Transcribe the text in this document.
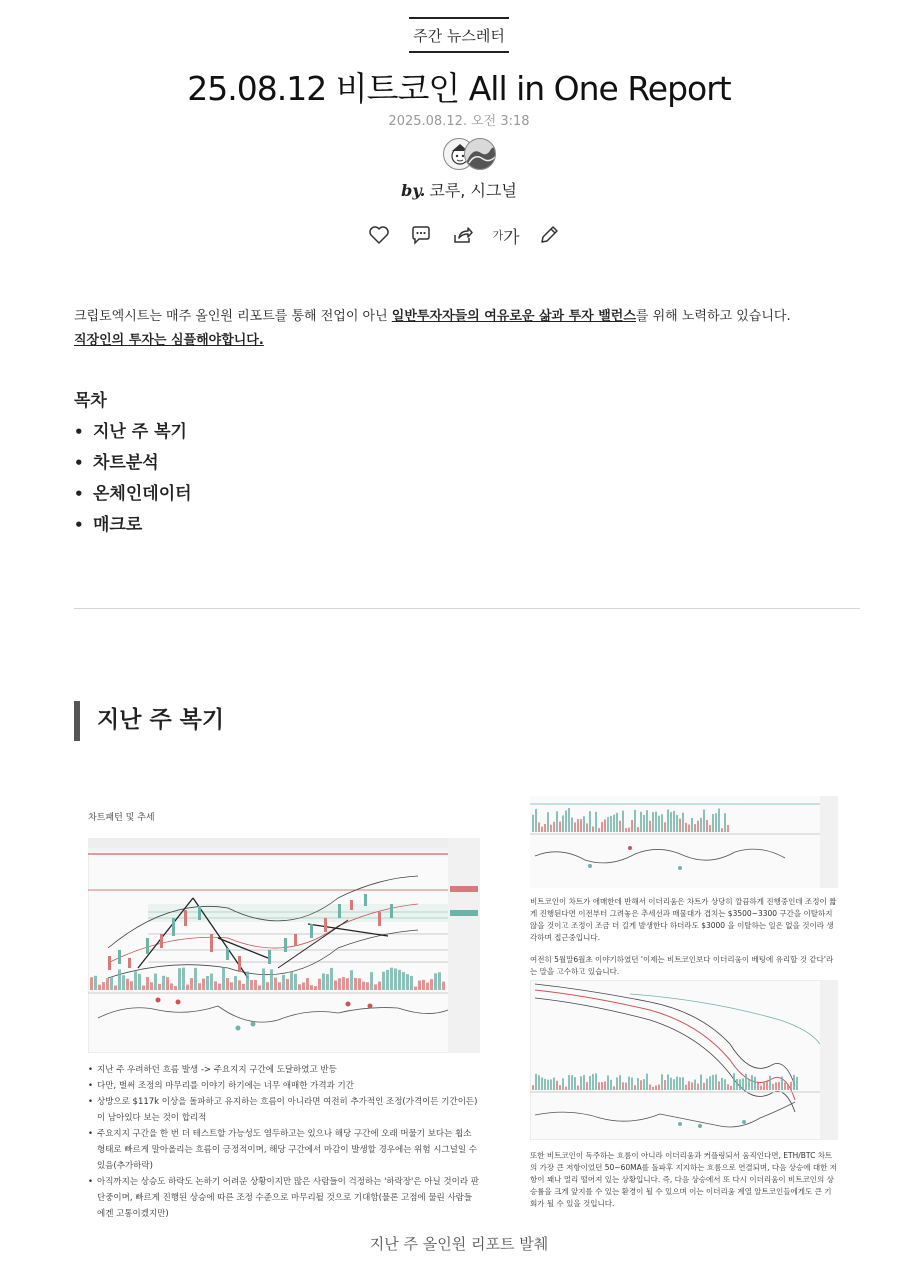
주간 뉴스레터
25.08.12 비트코인 All in One Report
2025.08.12. 오전 3:18
by. 코루, 시그널
가 가
크립토엑시트는 매주 올인원 리포트를 통해 전업이 아닌 일반투자자들의 여유로운 삶과 투자 밸런스를 위해 노력하고 있습니다.
직장인의 투자는 심플해야합니다.
목차
• 지난 주 복기
• 차트분석
• 온체인데이터
• 매크로
지난 주 복기
차트패턴 및 추세
• 지난 주 우려하던 흐름 발생 -> 주요지지 구간에 도달하였고 반등
• 다만, 벌써 조정의 마무리를 이야기 하기에는 너무 애매한 가격과 기간
• 상방으로 $117k 이상을 돌파하고 유지하는 흐름이 아니라면 여전히 추가적인 조정(가격이든 기간이든)이 남아있다 보는 것이 합리적
• 주요지지 구간을 한 번 더 테스트할 가능성도 염두하고는 있으나 해당 구간에 오래 머물기 보다는 횝소 형태로 빠르게 말아올리는 흐름이 긍정적이며, 해당 구간에서 마감이 발생할 경우에는 위험 시그널일 수 있음(추가하락)
• 아직까지는 상승도 하락도 논하기 어려운 상황이지만 많은 사람들이 걱정하는 '하락장'은 아닐 것이라 판단중이며, 빠르게 진행된 상승에 따른 조정 수준으로 마무리될 것으로 기대함(물론 고점에 물린 사람들에겐 고통이겠지만)

비트코인이 차트가 애매한데 반해서 이더리움은 차트가 상당히 깔끔하게 진행중인데 조정이 짧게 진행된다면 이전부터 그려놓은 추세선과 매물대가 겹치는 $3500~3300 구간을 이탈하지 않을 것이고 조정이 조금 더 길게 발생한다 하더라도 $3000 을 이탈하는 일은 없을 것이라 생각하며 접근중입니다.

여전히 5월말6월초 이야기하였던 '이제는 비트코인보다 이더리움이 베팅에 유리할 것 같다'라는 말을 고수하고 있습니다.

또한 비트코인이 독주하는 흐름이 아니라 이더리움과 커플링되서 움직인다면, ETH/BTC 차트의 가장 큰 저항이었던 50~60MA를 돌파후 지지하는 흐름으로 연결되며, 다음 상승에 대한 저항이 꽤나 멀리 떨어져 있는 상황입니다. 즉, 다음 상승에서 또 다시 이더리움이 비트코인의 상승률을 크게 앞지를 수 있는 환경이 될 수 있으며 이는 이더리움 계열 알트코인들에게도 큰 기회가 될 수 있을 것입니다.
지난 주 올인원 리포트 발췌
